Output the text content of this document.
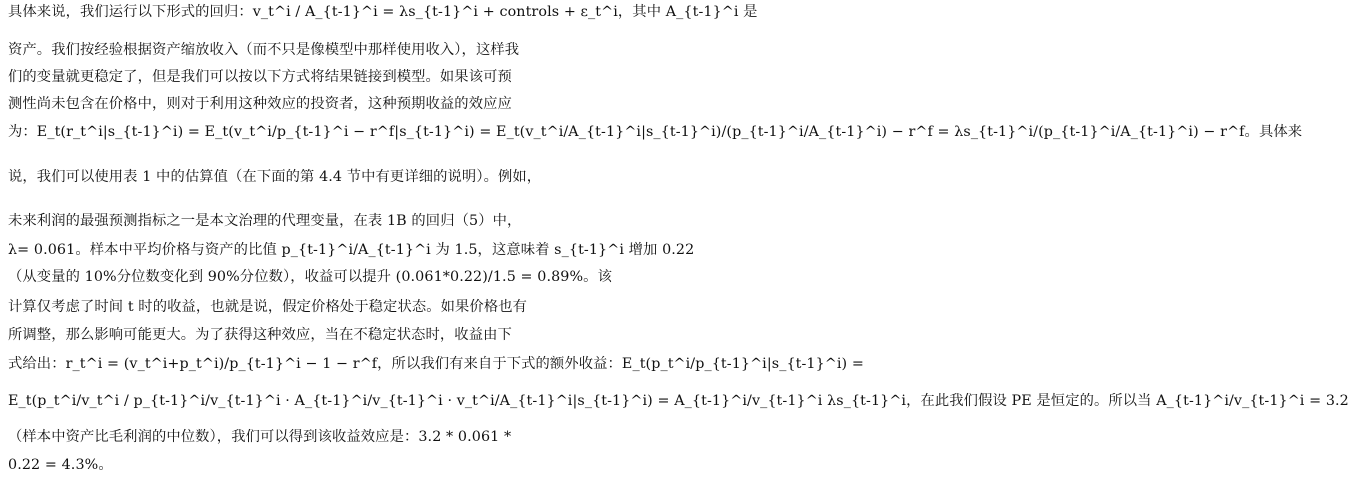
具体来说，我们运行以下形式的回归：v_t^i / A_{t-1}^i = λs_{t-1}^i + controls + ε_t^i，其中 A_{t-1}^i 是
资产。我们按经验根据资产缩放收入（而不只是像模型中那样使用收入），这样我
们的变量就更稳定了，但是我们可以按以下方式将结果链接到模型。如果该可预
测性尚未包含在价格中，则对于利用这种效应的投资者，这种预期收益的效应应
为：E_t(r_t^i|s_{t-1}^i) = E_t(v_t^i/p_{t-1}^i − r^f|s_{t-1}^i) = E_t(v_t^i/A_{t-1}^i|s_{t-1}^i)/(p_{t-1}^i/A_{t-1}^i) − r^f = λs_{t-1}^i/(p_{t-1}^i/A_{t-1}^i) − r^f。具体来
说，我们可以使用表 1 中的估算值（在下面的第 4.4 节中有更详细的说明）。例如，
未来利润的最强预测指标之一是本文治理的代理变量，在表 1B 的回归（5）中，
λ= 0.061。样本中平均价格与资产的比值 p_{t-1}^i/A_{t-1}^i 为 1.5，这意味着 s_{t-1}^i 增加 0.22
（从变量的 10%分位数变化到 90%分位数），收益可以提升 (0.061*0.22)/1.5 = 0.89%。该
计算仅考虑了时间 t 时的收益，也就是说，假定价格处于稳定状态。如果价格也有
所调整，那么影响可能更大。为了获得这种效应，当在不稳定状态时，收益由下
式给出：r_t^i = (v_t^i+p_t^i)/p_{t-1}^i − 1 − r^f，所以我们有来自于下式的额外收益：E_t(p_t^i/p_{t-1}^i|s_{t-1}^i) =
E_t(p_t^i/v_t^i / p_{t-1}^i/v_{t-1}^i · A_{t-1}^i/v_{t-1}^i · v_t^i/A_{t-1}^i|s_{t-1}^i) = A_{t-1}^i/v_{t-1}^i λs_{t-1}^i，在此我们假设 PE 是恒定的。所以当 A_{t-1}^i/v_{t-1}^i = 3.2
（样本中资产比毛利润的中位数），我们可以得到该收益效应是：3.2 * 0.061 *
0.22 = 4.3%。
